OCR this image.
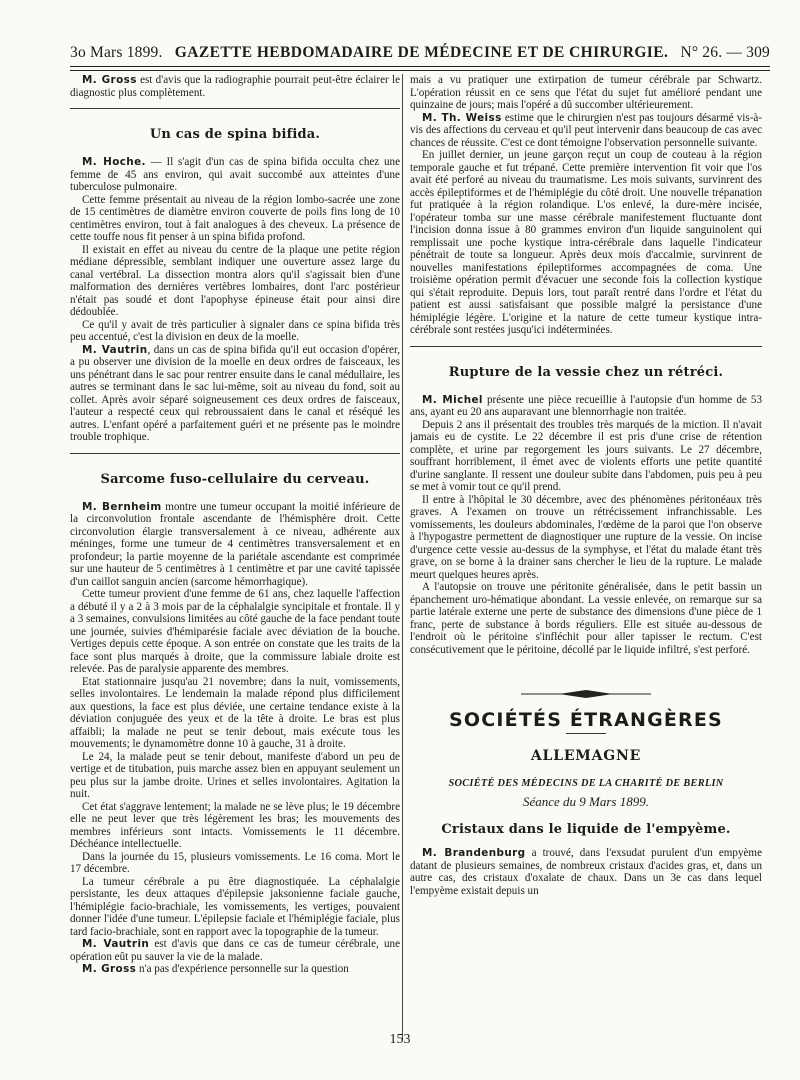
3o Mars 1899. GAZETTE HEBDOMADAIRE DE MÉDECINE ET DE CHIRURGIE. N° 26. — 309

M. Gross est d'avis que la radiographie pourrait peut-être éclairer le diagnostic plus complètement.

Un cas de spina bifida.

M. Hoche. — Il s'agit d'un cas de spina bifida occulta chez une femme de 45 ans environ, qui avait succombé aux atteintes d'une tuberculose pulmonaire.

Cette femme présentait au niveau de la région lombo-sacrée une zone de 15 centimètres de diamètre environ couverte de poils fins long de 10 centimètres environ, tout à fait analogues à des cheveux. La présence de cette touffe nous fit penser à un spina bifida profond.

Il existait en effet au niveau du centre de la plaque une petite région médiane dépressible, semblant indiquer une ouverture assez large du canal vertébral. La dissection montra alors qu'il s'agissait bien d'une malformation des dernières vertèbres lombaires, dont l'arc postérieur n'était pas soudé et dont l'apophyse épineuse était pour ainsi dire dédoublée.

Ce qu'il y avait de très particulier à signaler dans ce spina bifida très peu accentué, c'est la division en deux de la moelle.

M. Vautrin, dans un cas de spina bifida qu'il eut occasion d'opérer, a pu observer une division de la moelle en deux ordres de faisceaux, les uns pénétrant dans le sac pour rentrer ensuite dans le canal médullaire, les autres se terminant dans le sac lui-même, soit au niveau du fond, soit au collet. Après avoir séparé soigneusement ces deux ordres de faisceaux, l'auteur a respecté ceux qui rebroussaient dans le canal et réséqué les autres. L'enfant opéré a parfaitement guéri et ne présente pas le moindre trouble trophique.

Sarcome fuso-cellulaire du cerveau.

M. Bernheim montre une tumeur occupant la moitié inférieure de la circonvolution frontale ascendante de l'hémisphère droit. Cette circonvolution élargie transversalement à ce niveau, adhérente aux méninges, forme une tumeur de 4 centimètres transversalement et en profondeur; la partie moyenne de la pariétale ascendante est comprimée sur une hauteur de 5 centimètres à 1 centimètre et par une cavité tapissée d'un caillot sanguin ancien (sarcome hémorrhagique).

Cette tumeur provient d'une femme de 61 ans, chez laquelle l'affection a débuté il y a 2 à 3 mois par de la céphalalgie syncipitale et frontale. Il y a 3 semaines, convulsions limitées au côté gauche de la face pendant toute une journée, suivies d'hémiparésie faciale avec déviation de la bouche. Vertiges depuis cette époque. A son entrée on constate que les traits de la face sont plus marqués à droite, que la commissure labiale droite est relevée. Pas de paralysie apparente des membres.

Etat stationnaire jusqu'au 21 novembre; dans la nuit, vomissements, selles involontaires. Le lendemain la malade répond plus difficilement aux questions, la face est plus déviée, une certaine tendance existe à la déviation conjuguée des yeux et de la tête à droite. Le bras est plus affaibli; la malade ne peut se tenir debout, mais exécute tous les mouvements; le dynamomètre donne 10 à gauche, 31 à droite.

Le 24, la malade peut se tenir debout, manifeste d'abord un peu de vertige et de titubation, puis marche assez bien en appuyant seulement un peu plus sur la jambe droite. Urines et selles involontaires. Agitation la nuit.

Cet état s'aggrave lentement; la malade ne se lève plus; le 19 décembre elle ne peut lever que très légèrement les bras; les mouvements des membres inférieurs sont intacts. Vomissements le 11 décembre. Déchéance intellectuelle.

Dans la journée du 15, plusieurs vomissements. Le 16 coma. Mort le 17 décembre.

La tumeur cérébrale a pu être diagnostiquée. La céphalalgie persistante, les deux attaques d'épilepsie jaksonienne faciale gauche, l'hémiplégie facio-brachiale, les vomissements, les vertiges, pouvaient donner l'idée d'une tumeur. L'épilepsie faciale et l'hémiplégie faciale, plus tard facio-brachiale, sont en rapport avec la topographie de la tumeur.

M. Vautrin est d'avis que dans ce cas de tumeur cérébrale, une opération eût pu sauver la vie de la malade.

M. Gross n'a pas d'expérience personnelle sur la question

mais a vu pratiquer une extirpation de tumeur cérébrale par Schwartz. L'opération réussit en ce sens que l'état du sujet fut amélioré pendant une quinzaine de jours; mais l'opéré a dû succomber ultérieurement.

M. Th. Weiss estime que le chirurgien n'est pas toujours désarmé vis-à-vis des affections du cerveau et qu'il peut intervenir dans beaucoup de cas avec chances de réussite. C'est ce dont témoigne l'observation personnelle suivante.

En juillet dernier, un jeune garçon reçut un coup de couteau à la région temporale gauche et fut trépané. Cette première intervention fit voir que l'os avait été perforé au niveau du traumatisme. Les mois suivants, survinrent des accès épileptiformes et de l'hémiplégie du côté droit. Une nouvelle trépanation fut pratiquée à la région rolandique. L'os enlevé, la dure-mère incisée, l'opérateur tomba sur une masse cérébrale manifestement fluctuante dont l'incision donna issue à 80 grammes environ d'un liquide sanguinolent qui remplissait une poche kystique intra-cérébrale dans laquelle l'indicateur pénétrait de toute sa longueur. Après deux mois d'accalmie, survinrent de nouvelles manifestations épileptiformes accompagnées de coma. Une troisième opération permit d'évacuer une seconde fois la collection kystique qui s'était reproduite. Depuis lors, tout paraît rentré dans l'ordre et l'état du patient est aussi satisfaisant que possible malgré la persistance d'une hémiplégie légère. L'origine et la nature de cette tumeur kystique intra-cérébrale sont restées jusqu'ici indéterminées.

Rupture de la vessie chez un rétréci.

M. Michel présente une pièce recueillie à l'autopsie d'un homme de 53 ans, ayant eu 20 ans auparavant une blennorrhagie non traitée.

Depuis 2 ans il présentait des troubles très marqués de la miction. Il n'avait jamais eu de cystite. Le 22 décembre il est pris d'une crise de rétention complète, et urine par regorgement les jours suivants. Le 27 décembre, souffrant horriblement, il émet avec de violents efforts une petite quantité d'urine sanglante. Il ressent une douleur subite dans l'abdomen, puis peu à peu se met à vomir tout ce qu'il prend.

Il entre à l'hôpital le 30 décembre, avec des phénomènes péritonéaux très graves. A l'examen on trouve un rétrécissement infranchissable. Les vomissements, les douleurs abdominales, l'œdème de la paroi que l'on observe à l'hypogastre permettent de diagnostiquer une rupture de la vessie. On incise d'urgence cette vessie au-dessus de la symphyse, et l'état du malade étant très grave, on se borne à la drainer sans chercher le lieu de la rupture. Le malade meurt quelques heures après.

A l'autopsie on trouve une péritonite généralisée, dans le petit bassin un épanchement uro-hématique abondant. La vessie enlevée, on remarque sur sa partie latérale externe une perte de substance des dimensions d'une pièce de 1 franc, perte de substance à bords réguliers. Elle est située au-dessous de l'endroit où le péritoine s'infléchit pour aller tapisser le rectum. C'est consécutivement que le péritoine, décollé par le liquide infiltré, s'est perforé.

SOCIÉTÉS ÉTRANGÈRES
ALLEMAGNE
SOCIÉTÉ DES MÉDECINS DE LA CHARITÉ DE BERLIN
Séance du 9 Mars 1899.
Cristaux dans le liquide de l'empyème.

M. Brandenburg a trouvé, dans l'exsudat purulent d'un empyème datant de plusieurs semaines, de nombreux cristaux d'acides gras, et, dans un autre cas, des cristaux d'oxalate de chaux. Dans un 3e cas dans lequel l'empyème existait depuis un

153
